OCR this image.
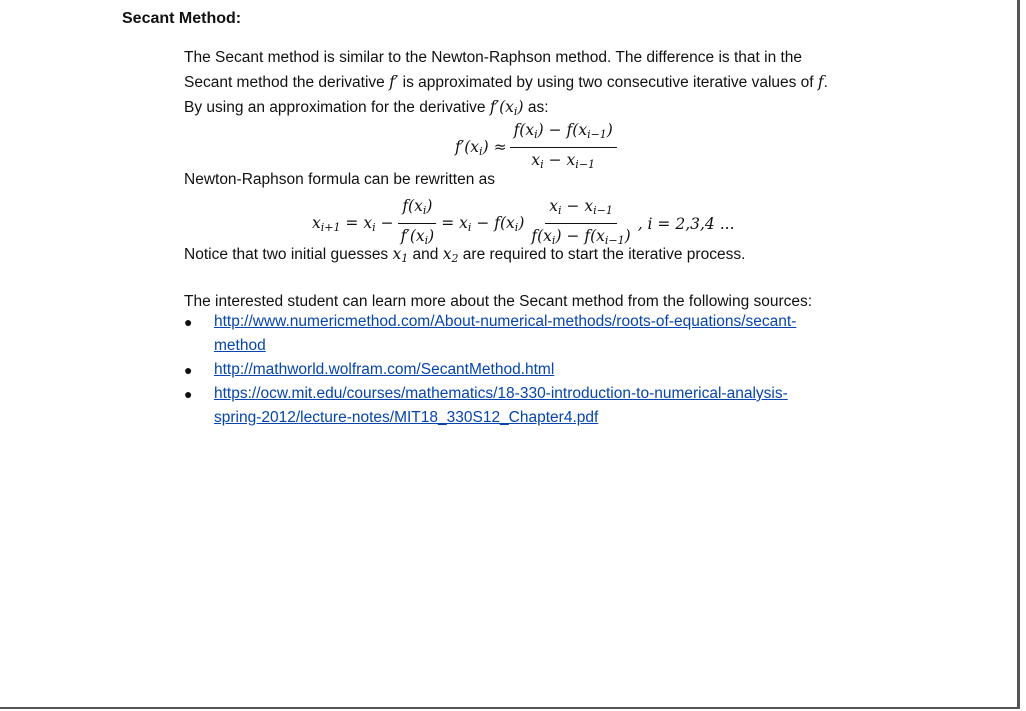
Secant Method:
The Secant method is similar to the Newton-Raphson method. The difference is that in the
Secant method the derivative f′ is approximated by using two consecutive iterative values of f.
By using an approximation for the derivative $f'(x_i)$ as:
$f'(x_i) \approx \frac{f(x_i) - f(x_{i-1})}{x_i - x_{i-1}}$
Newton-Raphson formula can be rewritten as
$x_{i+1} = x_i - \frac{f(x_i)}{f'(x_i)} = x_i - f(x_i) \frac{x_i - x_{i-1}}{f(x_i) - f(x_{i-1})}$ , i = 2,3,4 ...
Notice that two initial guesses $x_1$ and $x_2$ are required to start the iterative process.
The interested student can learn more about the Secant method from the following sources:
● http://www.numericmethod.com/About-numerical-methods/roots-of-equations/secant-
method
● http://mathworld.wolfram.com/SecantMethod.html
● https://ocw.mit.edu/courses/mathematics/18-330-introduction-to-numerical-analysis-
spring-2012/lecture-notes/MIT18_330S12_Chapter4.pdf
